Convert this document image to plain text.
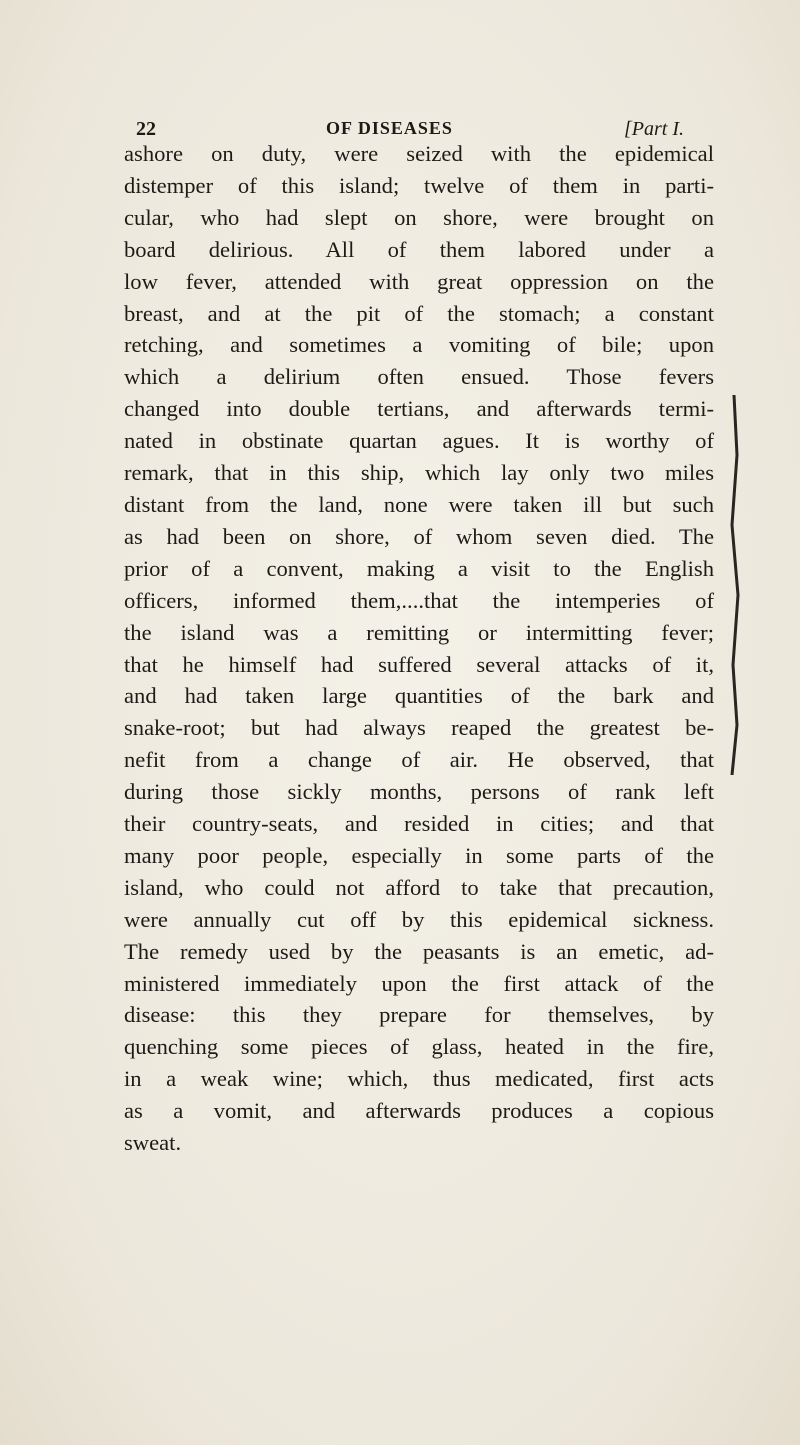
22	OF DISEASES	[Part I.
ashore on duty, were seized with the epidemical
distemper of this island; twelve of them in parti-
cular, who had slept on shore, were brought on
board delirious. All of them labored under a
low fever, attended with great oppression on the
breast, and at the pit of the stomach; a constant
retching, and sometimes a vomiting of bile; upon
which a delirium often ensued. Those fevers
changed into double tertians, and afterwards termi-
nated in obstinate quartan agues. It is worthy of
remark, that in this ship, which lay only two miles
distant from the land, none were taken ill but such
as had been on shore, of whom seven died. The
prior of a convent, making a visit to the English
officers, informed them,....that the intemperies of
the island was a remitting or intermitting fever;
that he himself had suffered several attacks of it,
and had taken large quantities of the bark and
snake-root; but had always reaped the greatest be-
nefit from a change of air. He observed, that
during those sickly months, persons of rank left
their country-seats, and resided in cities; and that
many poor people, especially in some parts of the
island, who could not afford to take that precaution,
were annually cut off by this epidemical sickness.
The remedy used by the peasants is an emetic, ad-
ministered immediately upon the first attack of the
disease: this they prepare for themselves, by
quenching some pieces of glass, heated in the fire,
in a weak wine; which, thus medicated, first acts
as a vomit, and afterwards produces a copious
sweat.
